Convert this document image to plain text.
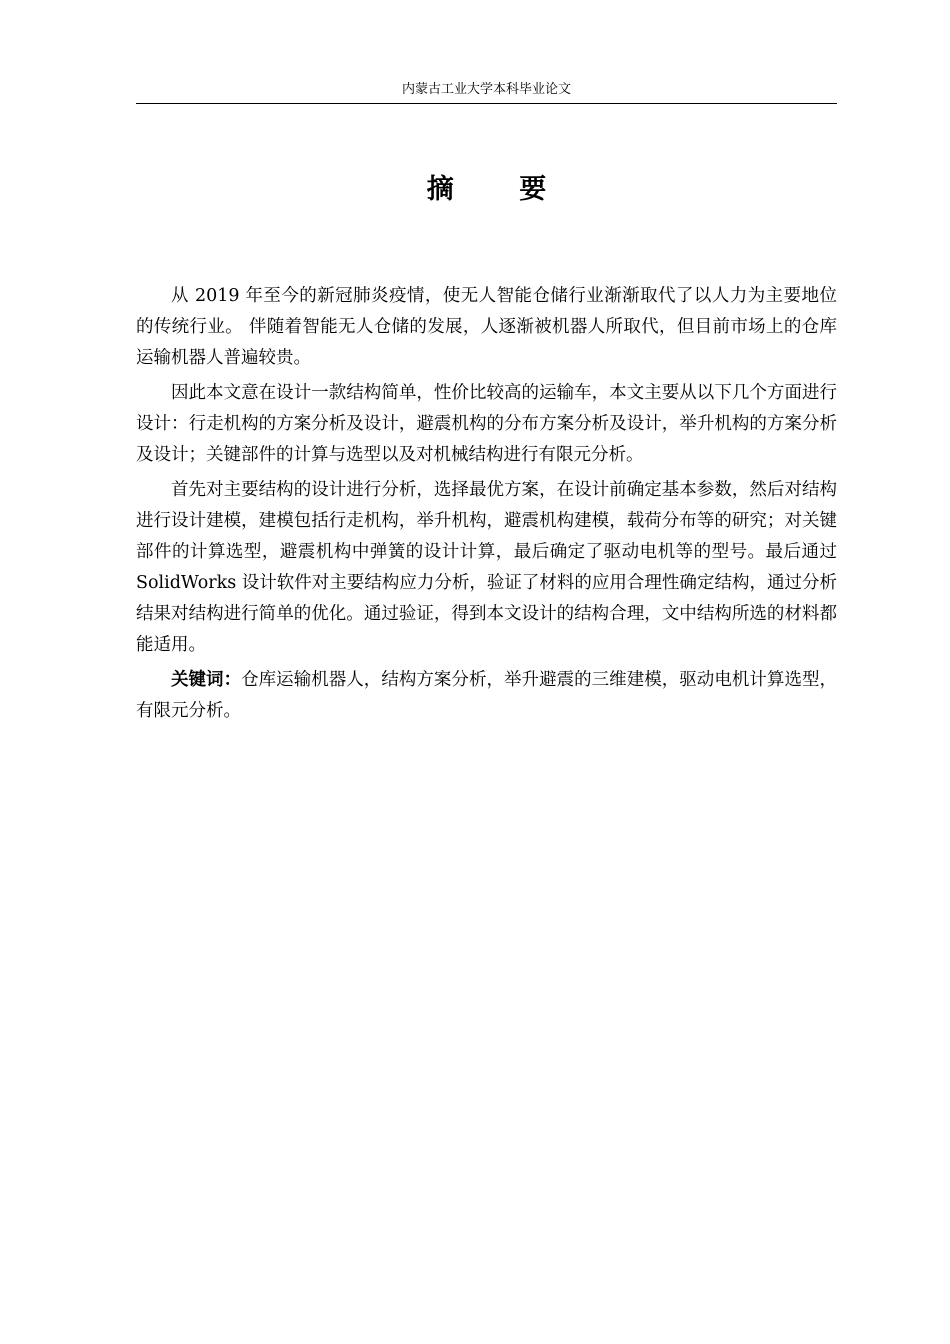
内蒙古工业大学本科毕业论文
摘 要

从 2019 年至今的新冠肺炎疫情，使无人智能仓储行业渐渐取代了以人力为主要地位的传统行业。 伴随着智能无人仓储的发展，人逐渐被机器人所取代，但目前市场上的仓库运输机器人普遍较贵。

因此本文意在设计一款结构简单，性价比较高的运输车，本文主要从以下几个方面进行设计：行走机构的方案分析及设计，避震机构的分布方案分析及设计，举升机构的方案分析及设计；关键部件的计算与选型以及对机械结构进行有限元分析。

首先对主要结构的设计进行分析，选择最优方案，在设计前确定基本参数，然后对结构进行设计建模，建模包括行走机构，举升机构，避震机构建模，载荷分布等的研究；对关键部件的计算选型，避震机构中弹簧的设计计算，最后确定了驱动电机等的型号。最后通过 SolidWorks 设计软件对主要结构应力分析，验证了材料的应用合理性确定结构，通过分析结果对结构进行简单的优化。通过验证，得到本文设计的结构合理，文中结构所选的材料都能适用。

关键词：仓库运输机器人，结构方案分析，举升避震的三维建模，驱动电机计算选型，有限元分析。
